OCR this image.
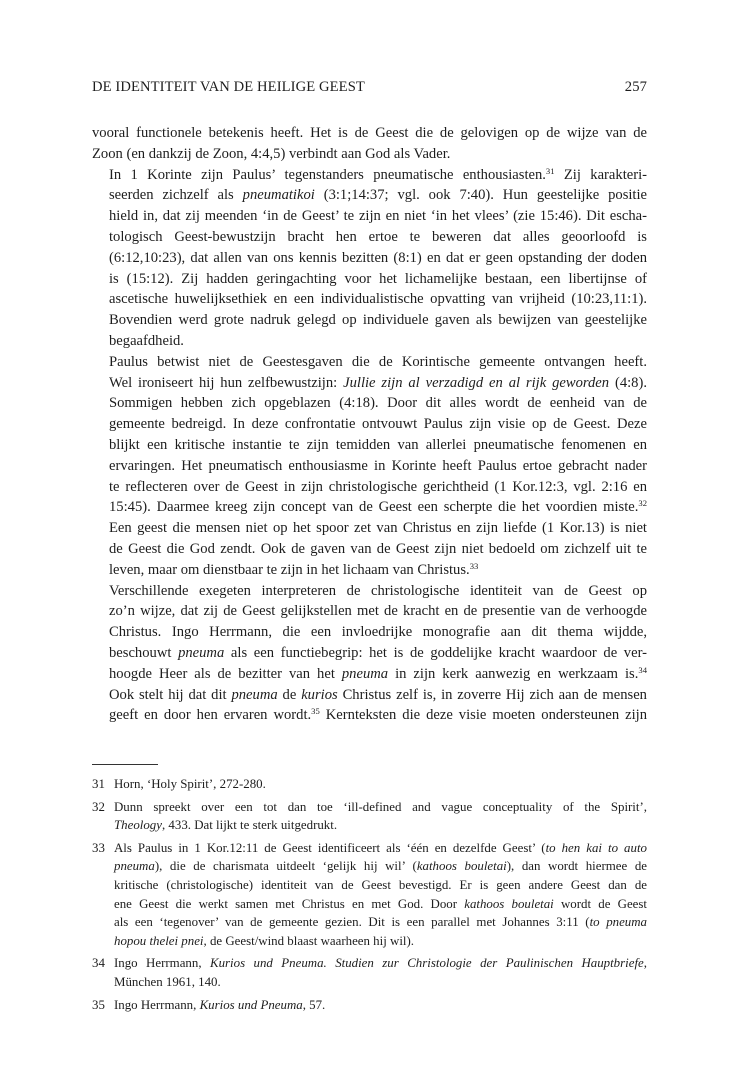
DE IDENTITEIT VAN DE HEILIGE GEEST	257

vooral functionele betekenis heeft. Het is de Geest die de gelovigen op de wijze van de
Zoon (en dankzij de Zoon, 4:4,5) verbindt aan God als Vader.

In 1 Korinte zijn Paulus’ tegenstanders pneumatische enthousiasten.$^{31}$ Zij karakteri-
seerden zichzelf als pneumatikoi (3:1;14:37; vgl. ook 7:40). Hun geestelijke positie
hield in, dat zij meenden ‘in de Geest’ te zijn en niet ‘in het vlees’ (zie 15:46). Dit escha-
tologisch Geest-bewustzijn bracht hen ertoe te beweren dat alles geoorloofd is
(6:12,10:23), dat allen van ons kennis bezitten (8:1) en dat er geen opstanding der doden
is (15:12). Zij hadden geringachting voor het lichamelijke bestaan, een libertijnse of
ascetische huwelijksethiek en een individualistische opvatting van vrijheid (10:23,11:1).
Bovendien werd grote nadruk gelegd op individuele gaven als bewijzen van geestelijke
begaafdheid.

Paulus betwist niet de Geestesgaven die de Korintische gemeente ontvangen heeft.
Wel ironiseert hij hun zelfbewustzijn: Jullie zijn al verzadigd en al rijk geworden (4:8).
Sommigen hebben zich opgeblazen (4:18). Door dit alles wordt de eenheid van de
gemeente bedreigd. In deze confrontatie ontvouwt Paulus zijn visie op de Geest. Deze
blijkt een kritische instantie te zijn temidden van allerlei pneumatische fenomenen en
ervaringen. Het pneumatisch enthousiasme in Korinte heeft Paulus ertoe gebracht nader
te reflecteren over de Geest in zijn christologische gerichtheid (1 Kor.12:3, vgl. 2:16 en
15:45). Daarmee kreeg zijn concept van de Geest een scherpte die het voordien miste.$^{32}$
Een geest die mensen niet op het spoor zet van Christus en zijn liefde (1 Kor.13) is niet
de Geest die God zendt. Ook de gaven van de Geest zijn niet bedoeld om zichzelf uit te
leven, maar om dienstbaar te zijn in het lichaam van Christus.$^{33}$

Verschillende exegeten interpreteren de christologische identiteit van de Geest op
zo’n wijze, dat zij de Geest gelijkstellen met de kracht en de presentie van de verhoogde
Christus. Ingo Herrmann, die een invloedrijke monografie aan dit thema wijdde,
beschouwt pneuma als een functiebegrip: het is de goddelijke kracht waardoor de ver-
hoogde Heer als de bezitter van het pneuma in zijn kerk aanwezig en werkzaam is.$^{34}$
Ook stelt hij dat dit pneuma de kurios Christus zelf is, in zoverre Hij zich aan de mensen
geeft en door hen ervaren wordt.$^{35}$ Kernteksten die deze visie moeten ondersteunen zijn

31 Horn, ‘Holy Spirit’, 272-280.
32 Dunn spreekt over een tot dan toe ‘ill-defined and vague conceptuality of the Spirit’,
Theology, 433. Dat lijkt te sterk uitgedrukt.
33 Als Paulus in 1 Kor.12:11 de Geest identificeert als ‘één en dezelfde Geest’ (to hen kai to auto
pneuma), die de charismata uitdeelt ‘gelijk hij wil’ (kathoos bouletai), dan wordt hiermee de
kritische (christologische) identiteit van de Geest bevestigd. Er is geen andere Geest dan de
ene Geest die werkt samen met Christus en met God. Door kathoos bouletai wordt de Geest
als een ‘tegenover’ van de gemeente gezien. Dit is een parallel met Johannes 3:11 (to pneuma
hopou thelei pnei, de Geest/wind blaast waarheen hij wil).
34 Ingo Herrmann, Kurios und Pneuma. Studien zur Christologie der Paulinischen Hauptbriefe,
München 1961, 140.
35 Ingo Herrmann, Kurios und Pneuma, 57.
